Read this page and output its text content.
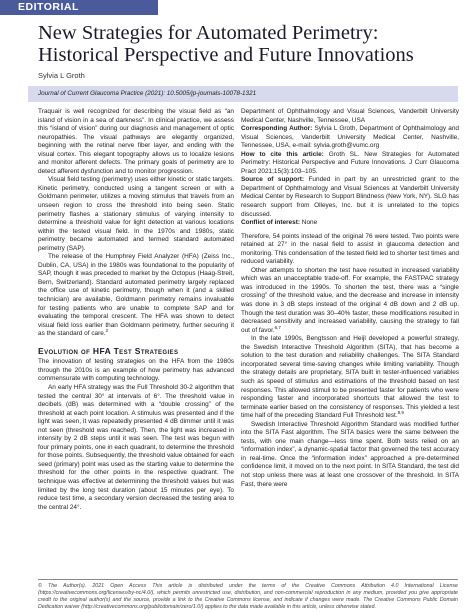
EDITORIAL
New Strategies for Automated Perimetry: Historical Perspective and Future Innovations
Sylvia L Groth
Journal of Current Glaucoma Practice (2021): 10.5005/jp-journals-10078-1321

Traquair is well recognized for describing the visual field as “an island of vision in a sea of darkness”. In clinical practice, we assess this “island of vision” during our diagnosis and management of optic neuropathies. The visual pathways are elegantly organized, beginning with the retinal nerve fiber layer, and ending with the visual cortex. This elegant topography allows us to localize lesions and monitor afferent defects. The primary goals of perimetry are to detect afferent dysfunction and to monitor progression.

Visual field testing (perimetry) uses either kinetic or static targets. Kinetic perimetry, conducted using a tangent screen or with a Goldmann perimeter, utilizes a moving stimulus that travels from an unseen region to cross the threshold into being seen. Static perimetry flashes a stationary stimulus of varying intensity to determine a threshold value for light detection at various locations within the tested visual field. In the 1970s and 1980s, static perimetry became automated and termed standard automated perimetry (SAP).

The release of the Humphrey Field Analyzer (HFA) (Zeiss Inc., Dublin, CA, USA) in the 1980s was foundational to the popularity of SAP, though it was preceded to market by the Octopus (Haag-Streit, Bern, Switzerland). Standard automated perimetry largely replaced the office use of kinetic perimetry, though when it (and a skilled technician) are available, Goldmann perimetry remains invaluable for testing patients who are unable to complete SAP and for evaluating the temporal crescent. The HFA was shown to detect visual field loss earlier than Goldmann perimetry, further securing it as the standard of care.$^2$

Evolution of HFA Test Strategies

The innovation of testing strategies on the HFA from the 1980s through the 2010s is an example of how perimetry has advanced commensurate with computing technology.

An early HFA strategy was the Full Threshold 30-2 algorithm that tested the central 30° at intervals of 6°. The threshold value in decibels (dB) was determined with a “double crossing” of the threshold at each point location. A stimulus was presented and if the light was seen, it was repeatedly presented 4 dB dimmer until it was not seen (threshold was reached). Then, the light was increased in intensity by 2 dB steps until it was seen. The test was begun with four primary points, one in each quadrant, to determine the threshold for those points. Subsequently, the threshold value obtained for each seed (primary) point was used as the starting value to determine the threshold for the other points in the respective quadrant. The technique was effective at determining the threshold values but was limited by the long test duration (about 15 minutes per eye). To reduce test time, a secondary version decreased the testing area to the central 24°.

Department of Ophthalmology and Visual Sciences, Vanderbilt University Medical Center, Nashville, Tennessee, USA

Corresponding Author: Sylvia L Groth, Department of Ophthalmology and Visual Sciences, Vanderbilt University Medical Center, Nashville, Tennessee, USA, e-mail: sylvia.groth@vumc.org

How to cite this article: Groth SL. New Strategies for Automated Perimetry: Historical Perspective and Future Innovations. J Curr Glaucoma Pract 2021;15(3):103–105.

Source of support: Funded in part by an unrestricted grant to the Department of Ophthalmology and Visual Sciences at Vanderbilt University Medical Center by Research to Support Blindness (New York, NY). SLG has research support from Olleyes, Inc. but it is unrelated to the topics discussed.

Conflict of interest: None

Therefore, 54 points instead of the original 76 were tested. Two points were retained at 27° in the nasal field to assist in glaucoma detection and monitoring. This condensation of the tested field led to shorter test times and reduced variability.

Other attempts to shorten the test have resulted in increased variability which was an unacceptable trade-off. For example, the FASTPAC strategy was introduced in the 1990s. To shorten the test, there was a “single crossing” of the threshold value, and the decrease and increase in intensity was done in 3 dB steps instead of the original 4 dB down and 2 dB up. Though the test duration was 30–40% faster, these modifications resulted in decreased sensitivity and increased variability, causing the strategy to fall out of favor.$^{6,7}$

In the late 1990s, Bengtsson and Heijl developed a powerful strategy, the Swedish Interactive Threshold Algorithm (SITA), that has become a solution to the test duration and reliability challenges. The SITA Standard incorporated several time-saving changes while limiting variability. Though the strategy details are proprietary, SITA built in tester-influenced variables such as speed of stimulus and estimations of the threshold based on test responses. This allowed stimuli to be presented faster for patients who were responding faster and incorporated shortcuts that allowed the test to terminate earlier based on the consistency of responses. This yielded a test time half of the preceding Standard Full Threshold test.$^{8,9}$

Swedish Interactive Threshold Algorithm Standard was modified further into the SITA Fast algorithm. The SITA basics were the same between the tests, with one main change—less time spent. Both tests relied on an “information index”, a dynamic-spatial factor that governed the test accuracy in real-time. Once the “information index” approached a pre-determined confidence limit, it moved on to the next point. In SITA Standard, the test did not stop unless there was at least one crossover of the threshold. In SITA Fast, there were

© The Author(s). 2021 Open Access This article is distributed under the terms of the Creative Commons Attribution 4.0 International License (https://creativecommons.org/licenses/by-nc/4.0/), which permits unrestricted use, distribution, and non-commercial reproduction in any medium, provided you give appropriate credit to the original author(s) and the source, provide a link to the Creative Commons license, and indicate if changes were made. The Creative Commons Public Domain Dedication waiver (http://creativecommons.org/publicdomain/zero/1.0/) applies to the data made available in this article, unless otherwise stated.
